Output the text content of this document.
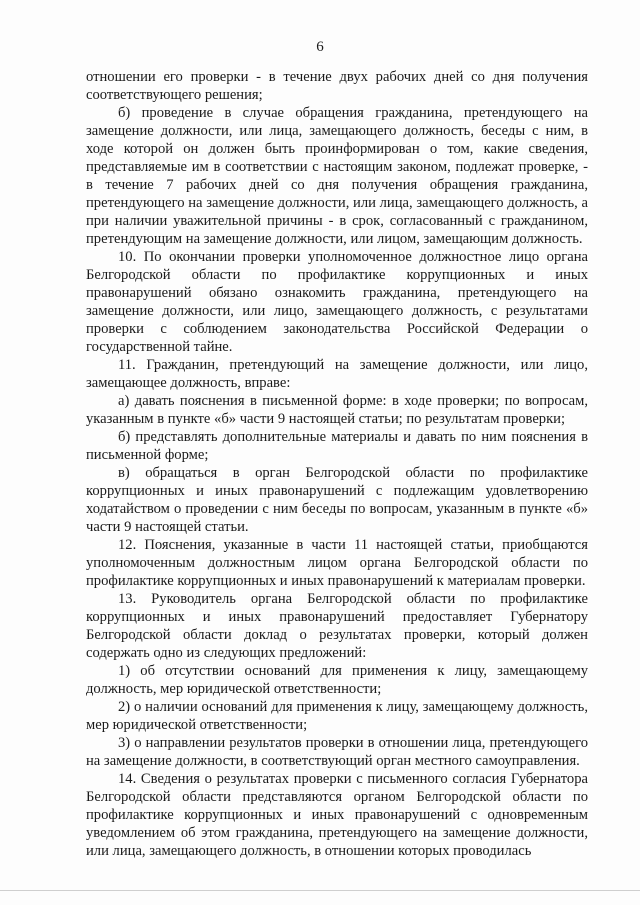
6

отношении его проверки - в течение двух рабочих дней со дня получения соответствующего решения;

б) проведение в случае обращения гражданина, претендующего на замещение должности, или лица, замещающего должность, беседы с ним, в ходе которой он должен быть проинформирован о том, какие сведения, представляемые им в соответствии с настоящим законом, подлежат проверке, - в течение 7 рабочих дней со дня получения обращения гражданина, претендующего на замещение должности, или лица, замещающего должность, а при наличии уважительной причины - в срок, согласованный с гражданином, претендующим на замещение должности, или лицом, замещающим должность.

10. По окончании проверки уполномоченное должностное лицо органа Белгородской области по профилактике коррупционных и иных правонарушений обязано ознакомить гражданина, претендующего на замещение должности, или лицо, замещающего должность, с результатами проверки с соблюдением законодательства Российской Федерации о государственной тайне.

11. Гражданин, претендующий на замещение должности, или лицо, замещающее должность, вправе:

а) давать пояснения в письменной форме: в ходе проверки; по вопросам, указанным в пункте «б» части 9 настоящей статьи; по результатам проверки;

б) представлять дополнительные материалы и давать по ним пояснения в письменной форме;

в) обращаться в орган Белгородской области по профилактике коррупционных и иных правонарушений с подлежащим удовлетворению ходатайством о проведении с ним беседы по вопросам, указанным в пункте «б» части 9 настоящей статьи.

12. Пояснения, указанные в части 11 настоящей статьи, приобщаются уполномоченным должностным лицом органа Белгородской области по профилактике коррупционных и иных правонарушений к материалам проверки.

13. Руководитель органа Белгородской области по профилактике коррупционных и иных правонарушений предоставляет Губернатору Белгородской области доклад о результатах проверки, который должен содержать одно из следующих предложений:

1) об отсутствии оснований для применения к лицу, замещающему должность, мер юридической ответственности;

2) о наличии оснований для применения к лицу, замещающему должность, мер юридической ответственности;

3) о направлении результатов проверки в отношении лица, претендующего на замещение должности, в соответствующий орган местного самоуправления.

14. Сведения о результатах проверки с письменного согласия Губернатора Белгородской области представляются органом Белгородской области по профилактике коррупционных и иных правонарушений с одновременным уведомлением об этом гражданина, претендующего на замещение должности, или лица, замещающего должность, в отношении которых проводилась
